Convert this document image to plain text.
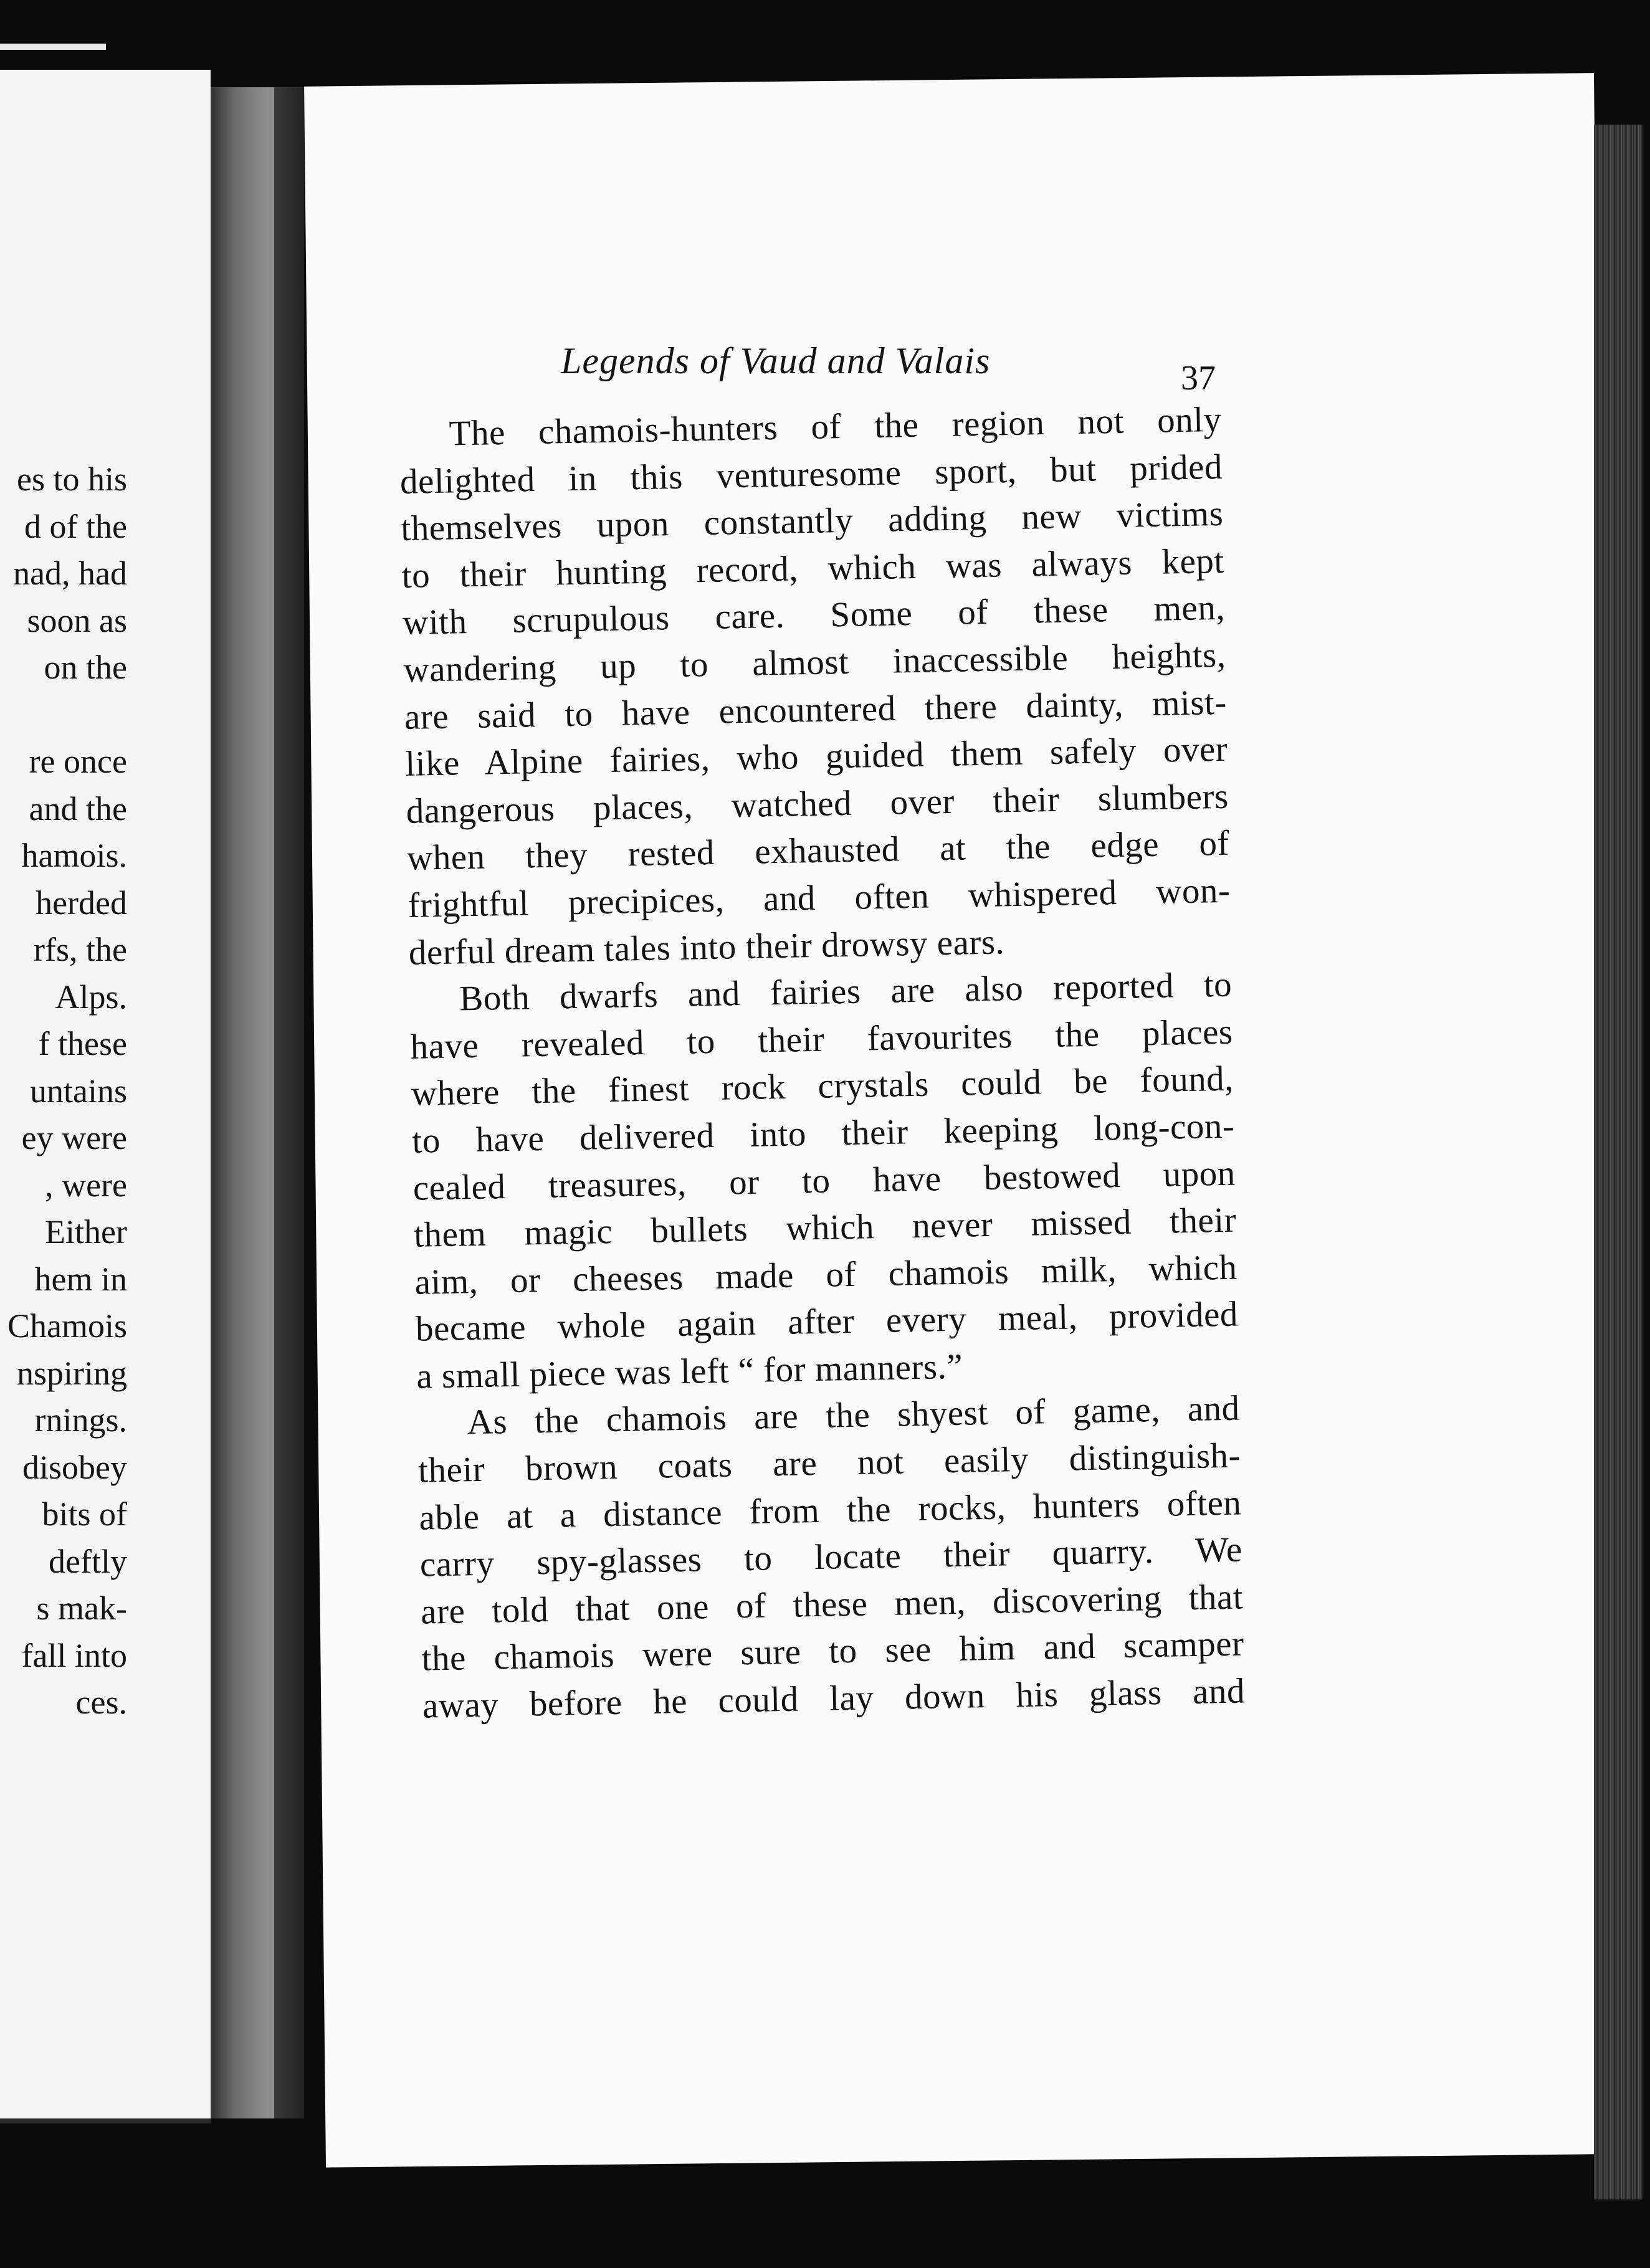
es to his
d of the
nad, had
soon as
on the
re once
and the
hamois.
herded
rfs, the
Alps.
f these
untains
ey were
, were
Either
hem in
Chamois
nspiring
rnings.
disobey
bits of
deftly
s mak-
fall into
ces.
Legends of Vaud and Valais	37
The chamois-hunters of the region not only
delighted in this venturesome sport, but prided
themselves upon constantly adding new victims
to their hunting record, which was always kept
with scrupulous care. Some of these men,
wandering up to almost inaccessible heights,
are said to have encountered there dainty, mist-
like Alpine fairies, who guided them safely over
dangerous places, watched over their slumbers
when they rested exhausted at the edge of
frightful precipices, and often whispered won-
derful dream tales into their drowsy ears.
Both dwarfs and fairies are also reported to
have revealed to their favourites the places
where the finest rock crystals could be found,
to have delivered into their keeping long-con-
cealed treasures, or to have bestowed upon
them magic bullets which never missed their
aim, or cheeses made of chamois milk, which
became whole again after every meal, provided
a small piece was left “ for manners.”
As the chamois are the shyest of game, and
their brown coats are not easily distinguish-
able at a distance from the rocks, hunters often
carry spy-glasses to locate their quarry. We
are told that one of these men, discovering that
the chamois were sure to see him and scamper
away before he could lay down his glass and
